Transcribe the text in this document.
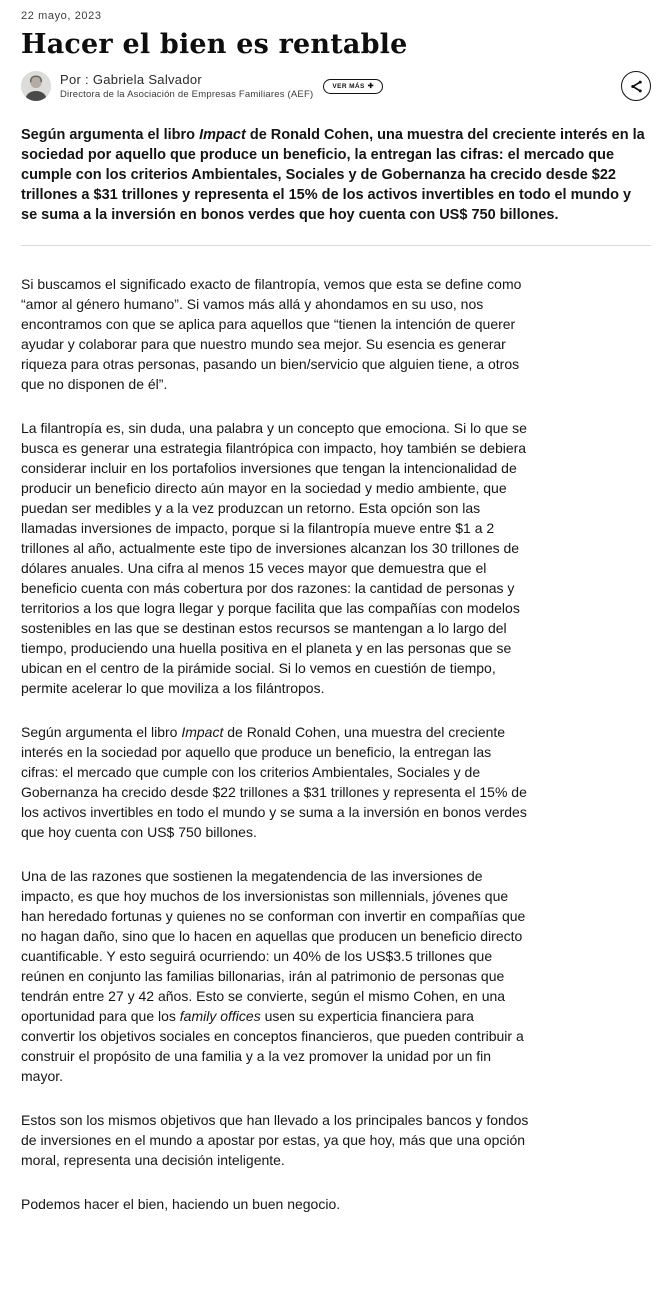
22 mayo, 2023
Hacer el bien es rentable
Por : Gabriela Salvador
Directora de la Asociación de Empresas Familiares (AEF)
VER MÁS ✚

Según argumenta el libro Impact de Ronald Cohen, una muestra del creciente interés en la sociedad por aquello que produce un beneficio, la entregan las cifras: el mercado que cumple con los criterios Ambientales, Sociales y de Gobernanza ha crecido desde $22 trillones a $31 trillones y representa el 15% de los activos invertibles en todo el mundo y se suma a la inversión en bonos verdes que hoy cuenta con US$ 750 billones.

Si buscamos el significado exacto de filantropía, vemos que esta se define como “amor al género humano”. Si vamos más allá y ahondamos en su uso, nos encontramos con que se aplica para aquellos que “tienen la intención de querer ayudar y colaborar para que nuestro mundo sea mejor. Su esencia es generar riqueza para otras personas, pasando un bien/servicio que alguien tiene, a otros que no disponen de él”.

La filantropía es, sin duda, una palabra y un concepto que emociona. Si lo que se busca es generar una estrategia filantrópica con impacto, hoy también se debiera considerar incluir en los portafolios inversiones que tengan la intencionalidad de producir un beneficio directo aún mayor en la sociedad y medio ambiente, que puedan ser medibles y a la vez produzcan un retorno. Esta opción son las llamadas inversiones de impacto, porque si la filantropía mueve entre $1 a 2 trillones al año, actualmente este tipo de inversiones alcanzan los 30 trillones de dólares anuales. Una cifra al menos 15 veces mayor que demuestra que el beneficio cuenta con más cobertura por dos razones: la cantidad de personas y territorios a los que logra llegar y porque facilita que las compañías con modelos sostenibles en las que se destinan estos recursos se mantengan a lo largo del tiempo, produciendo una huella positiva en el planeta y en las personas que se ubican en el centro de la pirámide social. Si lo vemos en cuestión de tiempo, permite acelerar lo que moviliza a los filántropos.

Según argumenta el libro Impact de Ronald Cohen, una muestra del creciente interés en la sociedad por aquello que produce un beneficio, la entregan las cifras: el mercado que cumple con los criterios Ambientales, Sociales y de Gobernanza ha crecido desde $22 trillones a $31 trillones y representa el 15% de los activos invertibles en todo el mundo y se suma a la inversión en bonos verdes que hoy cuenta con US$ 750 billones.

Una de las razones que sostienen la megatendencia de las inversiones de impacto, es que hoy muchos de los inversionistas son millennials, jóvenes que han heredado fortunas y quienes no se conforman con invertir en compañías que no hagan daño, sino que lo hacen en aquellas que producen un beneficio directo cuantificable. Y esto seguirá ocurriendo: un 40% de los US$3.5 trillones que reúnen en conjunto las familias billonarias, irán al patrimonio de personas que tendrán entre 27 y 42 años. Esto se convierte, según el mismo Cohen, en una oportunidad para que los family offices usen su experticia financiera para convertir los objetivos sociales en conceptos financieros, que pueden contribuir a construir el propósito de una familia y a la vez promover la unidad por un fin mayor.

Estos son los mismos objetivos que han llevado a los principales bancos y fondos de inversiones en el mundo a apostar por estas, ya que hoy, más que una opción moral, representa una decisión inteligente.

Podemos hacer el bien, haciendo un buen negocio.
